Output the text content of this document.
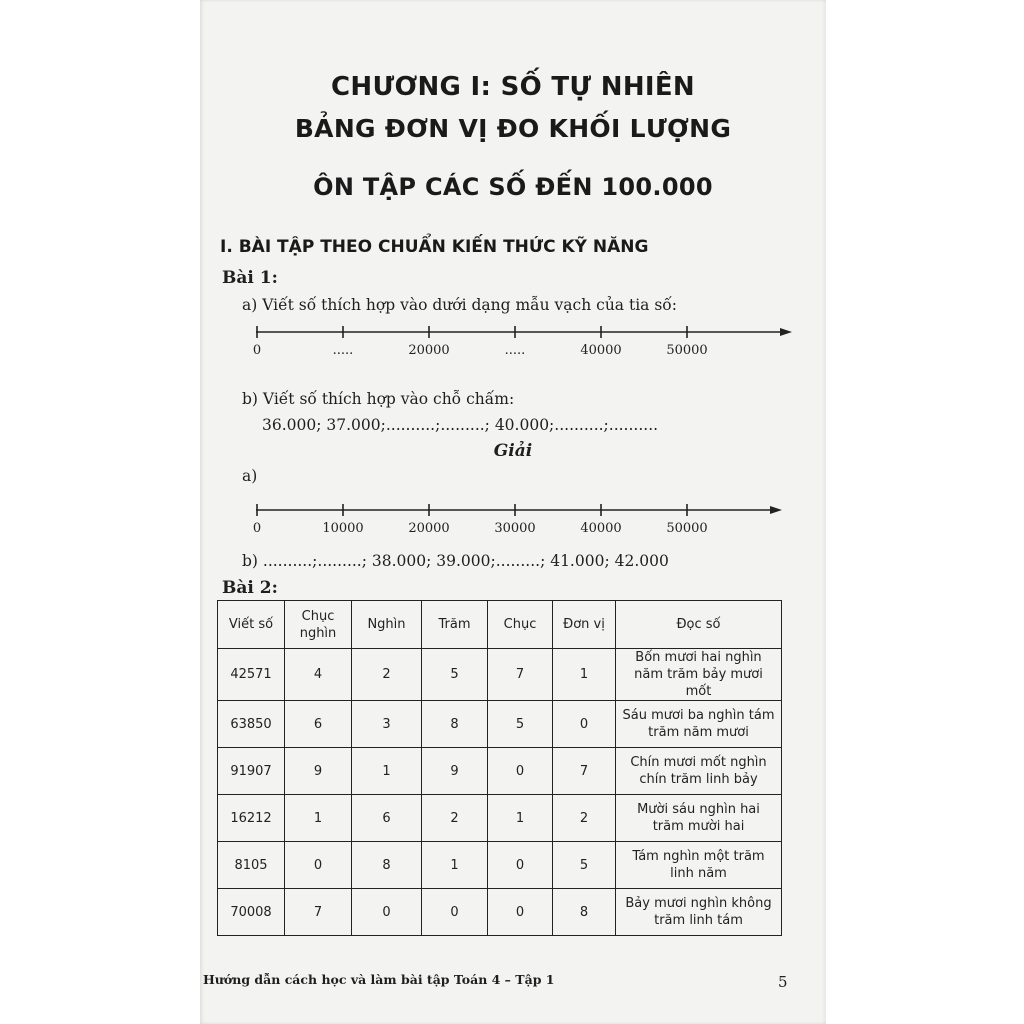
CHƯƠNG I: SỐ TỰ NHIÊN
BẢNG ĐƠN VỊ ĐO KHỐI LƯỢNG
ÔN TẬP CÁC SỐ ĐẾN 100.000
I. BÀI TẬP THEO CHUẨN KIẾN THỨC KỸ NĂNG
Bài 1:
a) Viết số thích hợp vào dưới dạng mẫu vạch của tia số:
0	.....	20000	.....	40000	50000
b) Viết số thích hợp vào chỗ chấm:
36.000; 37.000;..........;.........; 40.000;..........;..........
Giải
a)
0	10000	20000	30000	40000	50000
b) ..........;.........; 38.000; 39.000;.........; 41.000; 42.000
Bài 2:
Viết số	Chục nghìn	Nghìn	Trăm	Chục	Đơn vị	Đọc số
42571	4	2	5	7	1	Bốn mươi hai nghìn năm trăm bảy mươi mốt
63850	6	3	8	5	0	Sáu mươi ba nghìn tám trăm năm mươi
91907	9	1	9	0	7	Chín mươi mốt nghìn chín trăm linh bảy
16212	1	6	2	1	2	Mười sáu nghìn hai trăm mười hai
8105	0	8	1	0	5	Tám nghìn một trăm linh năm
70008	7	0	0	0	8	Bảy mươi nghìn không trăm linh tám
Hướng dẫn cách học và làm bài tập Toán 4 – Tập 1	5
